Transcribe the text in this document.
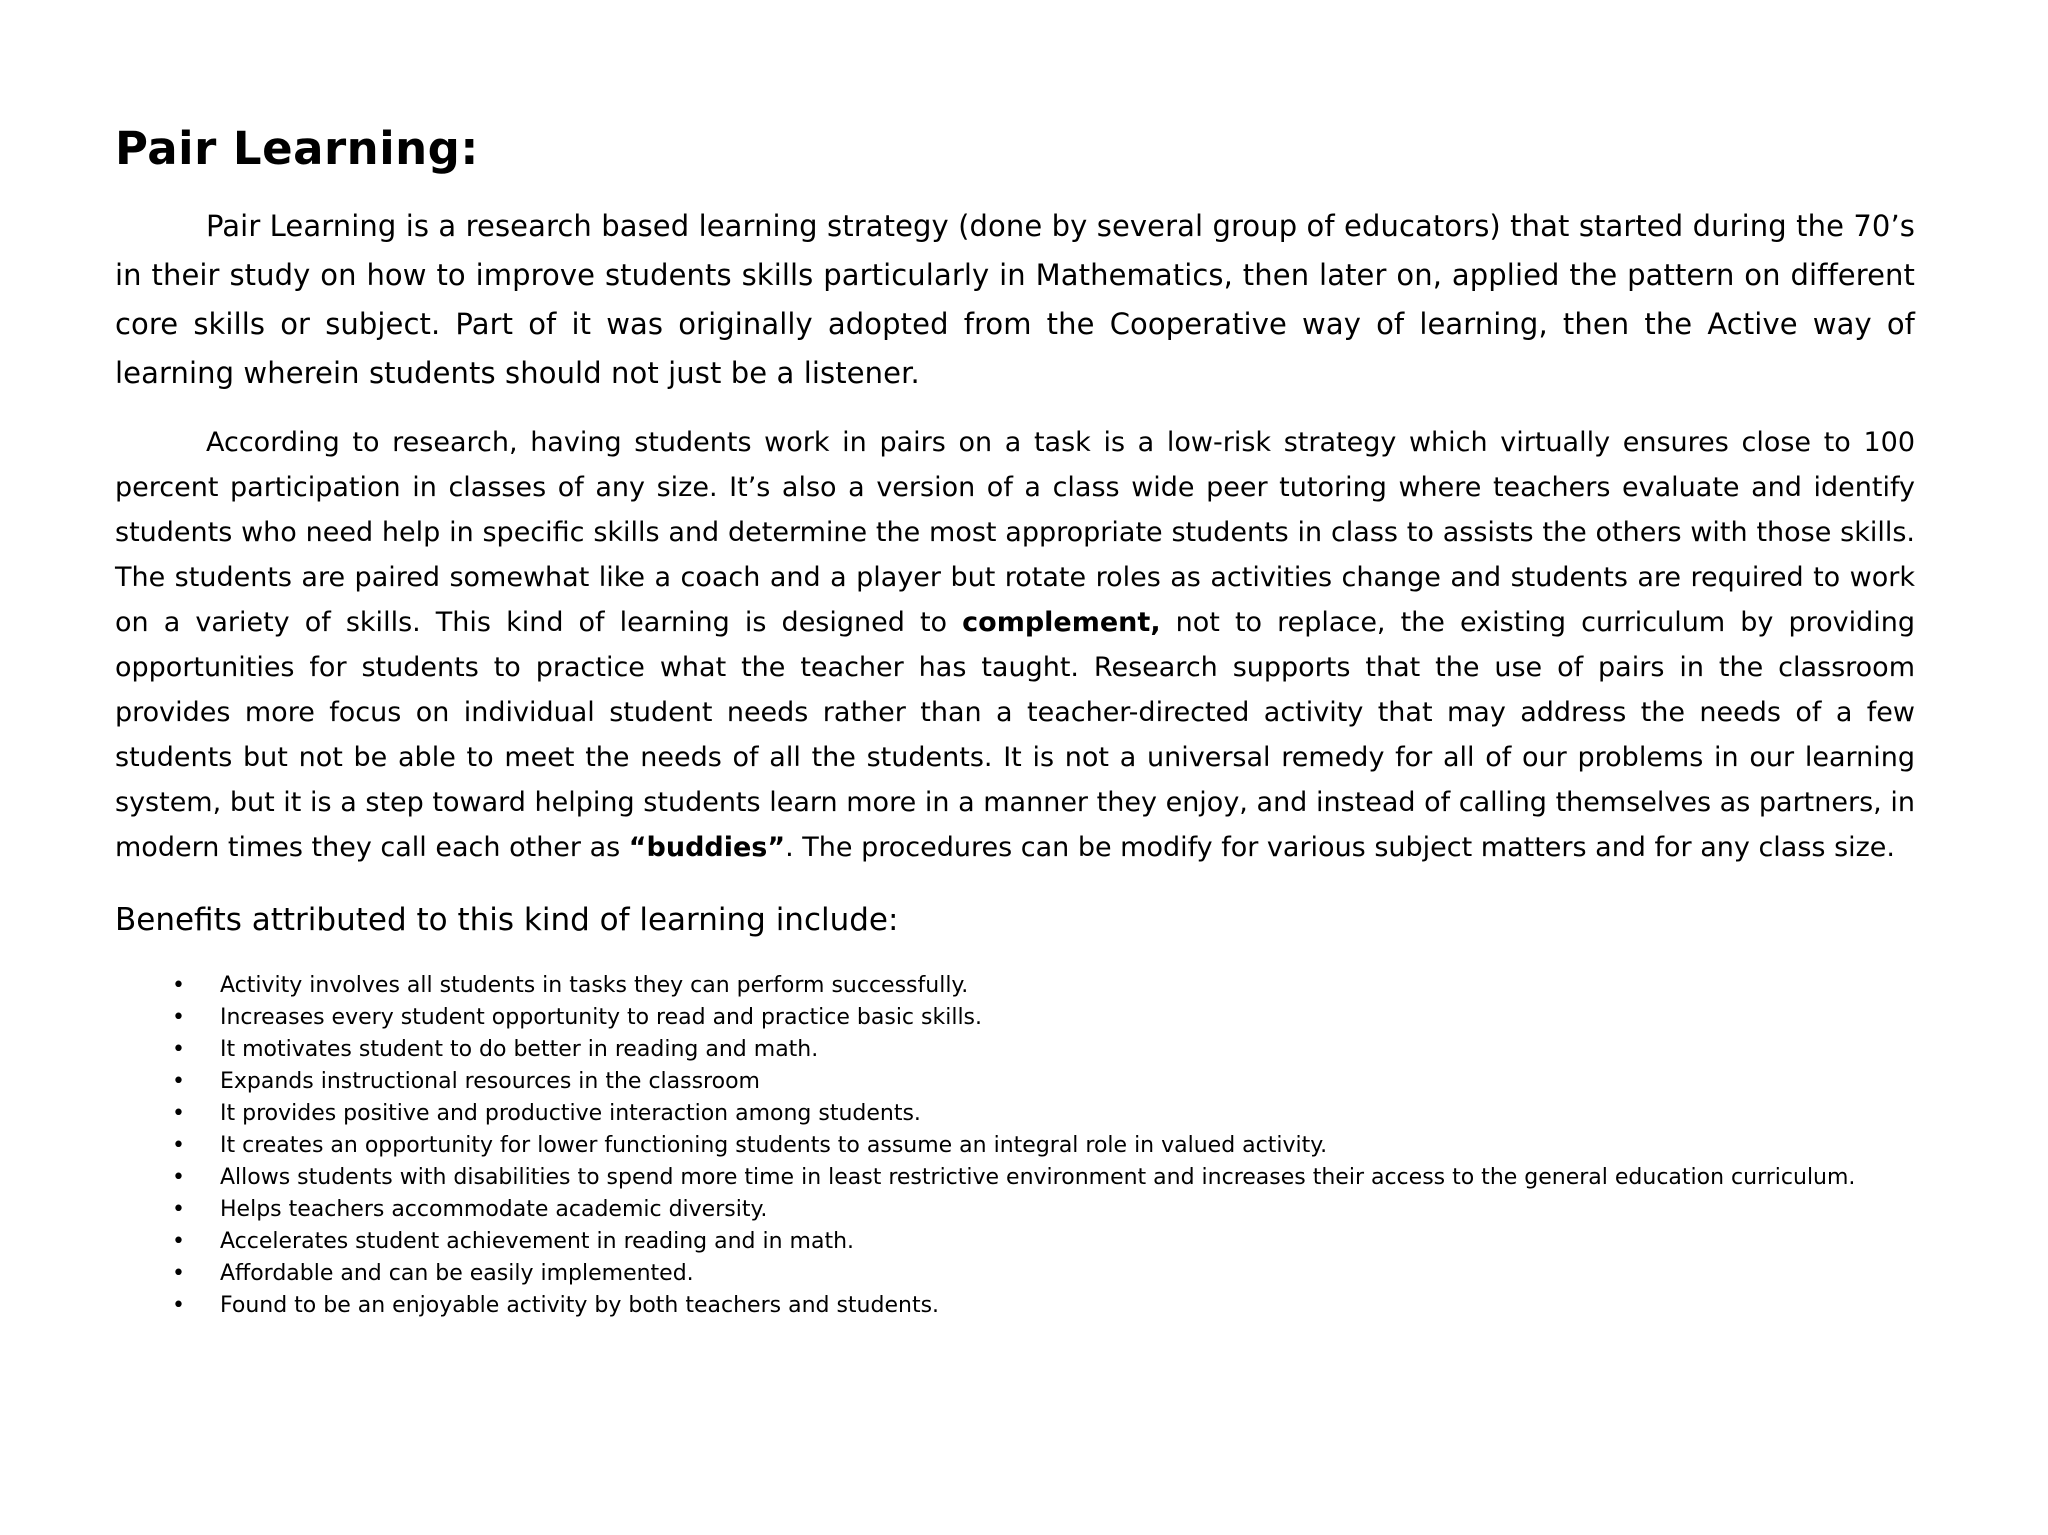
Pair Learning:

Pair Learning is a research based learning strategy (done by several group of educators) that started during the 70’s in their study on how to improve students skills particularly in Mathematics, then later on, applied the pattern on different core skills or subject. Part of it was originally adopted from the Cooperative way of learning, then the Active way of learning wherein students should not just be a listener.

According to research, having students work in pairs on a task is a low-risk strategy which virtually ensures close to 100 percent participation in classes of any size. It’s also a version of a class wide peer tutoring where teachers evaluate and identify students who need help in specific skills and determine the most appropriate students in class to assists the others with those skills. The students are paired somewhat like a coach and a player but rotate roles as activities change and students are required to work on a variety of skills. This kind of learning is designed to complement, not to replace, the existing curriculum by providing opportunities for students to practice what the teacher has taught. Research supports that the use of pairs in the classroom provides more focus on individual student needs rather than a teacher-directed activity that may address the needs of a few students but not be able to meet the needs of all the students. It is not a universal remedy for all of our problems in our learning system, but it is a step toward helping students learn more in a manner they enjoy, and instead of calling themselves as partners, in modern times they call each other as “buddies”. The procedures can be modify for various subject matters and for any class size.

Benefits attributed to this kind of learning include:

• Activity involves all students in tasks they can perform successfully.
• Increases every student opportunity to read and practice basic skills.
• It motivates student to do better in reading and math.
• Expands instructional resources in the classroom
• It provides positive and productive interaction among students.
• It creates an opportunity for lower functioning students to assume an integral role in valued activity.
• Allows students with disabilities to spend more time in least restrictive environment and increases their access to the general education curriculum.
• Helps teachers accommodate academic diversity.
• Accelerates student achievement in reading and in math.
• Affordable and can be easily implemented.
• Found to be an enjoyable activity by both teachers and students.
